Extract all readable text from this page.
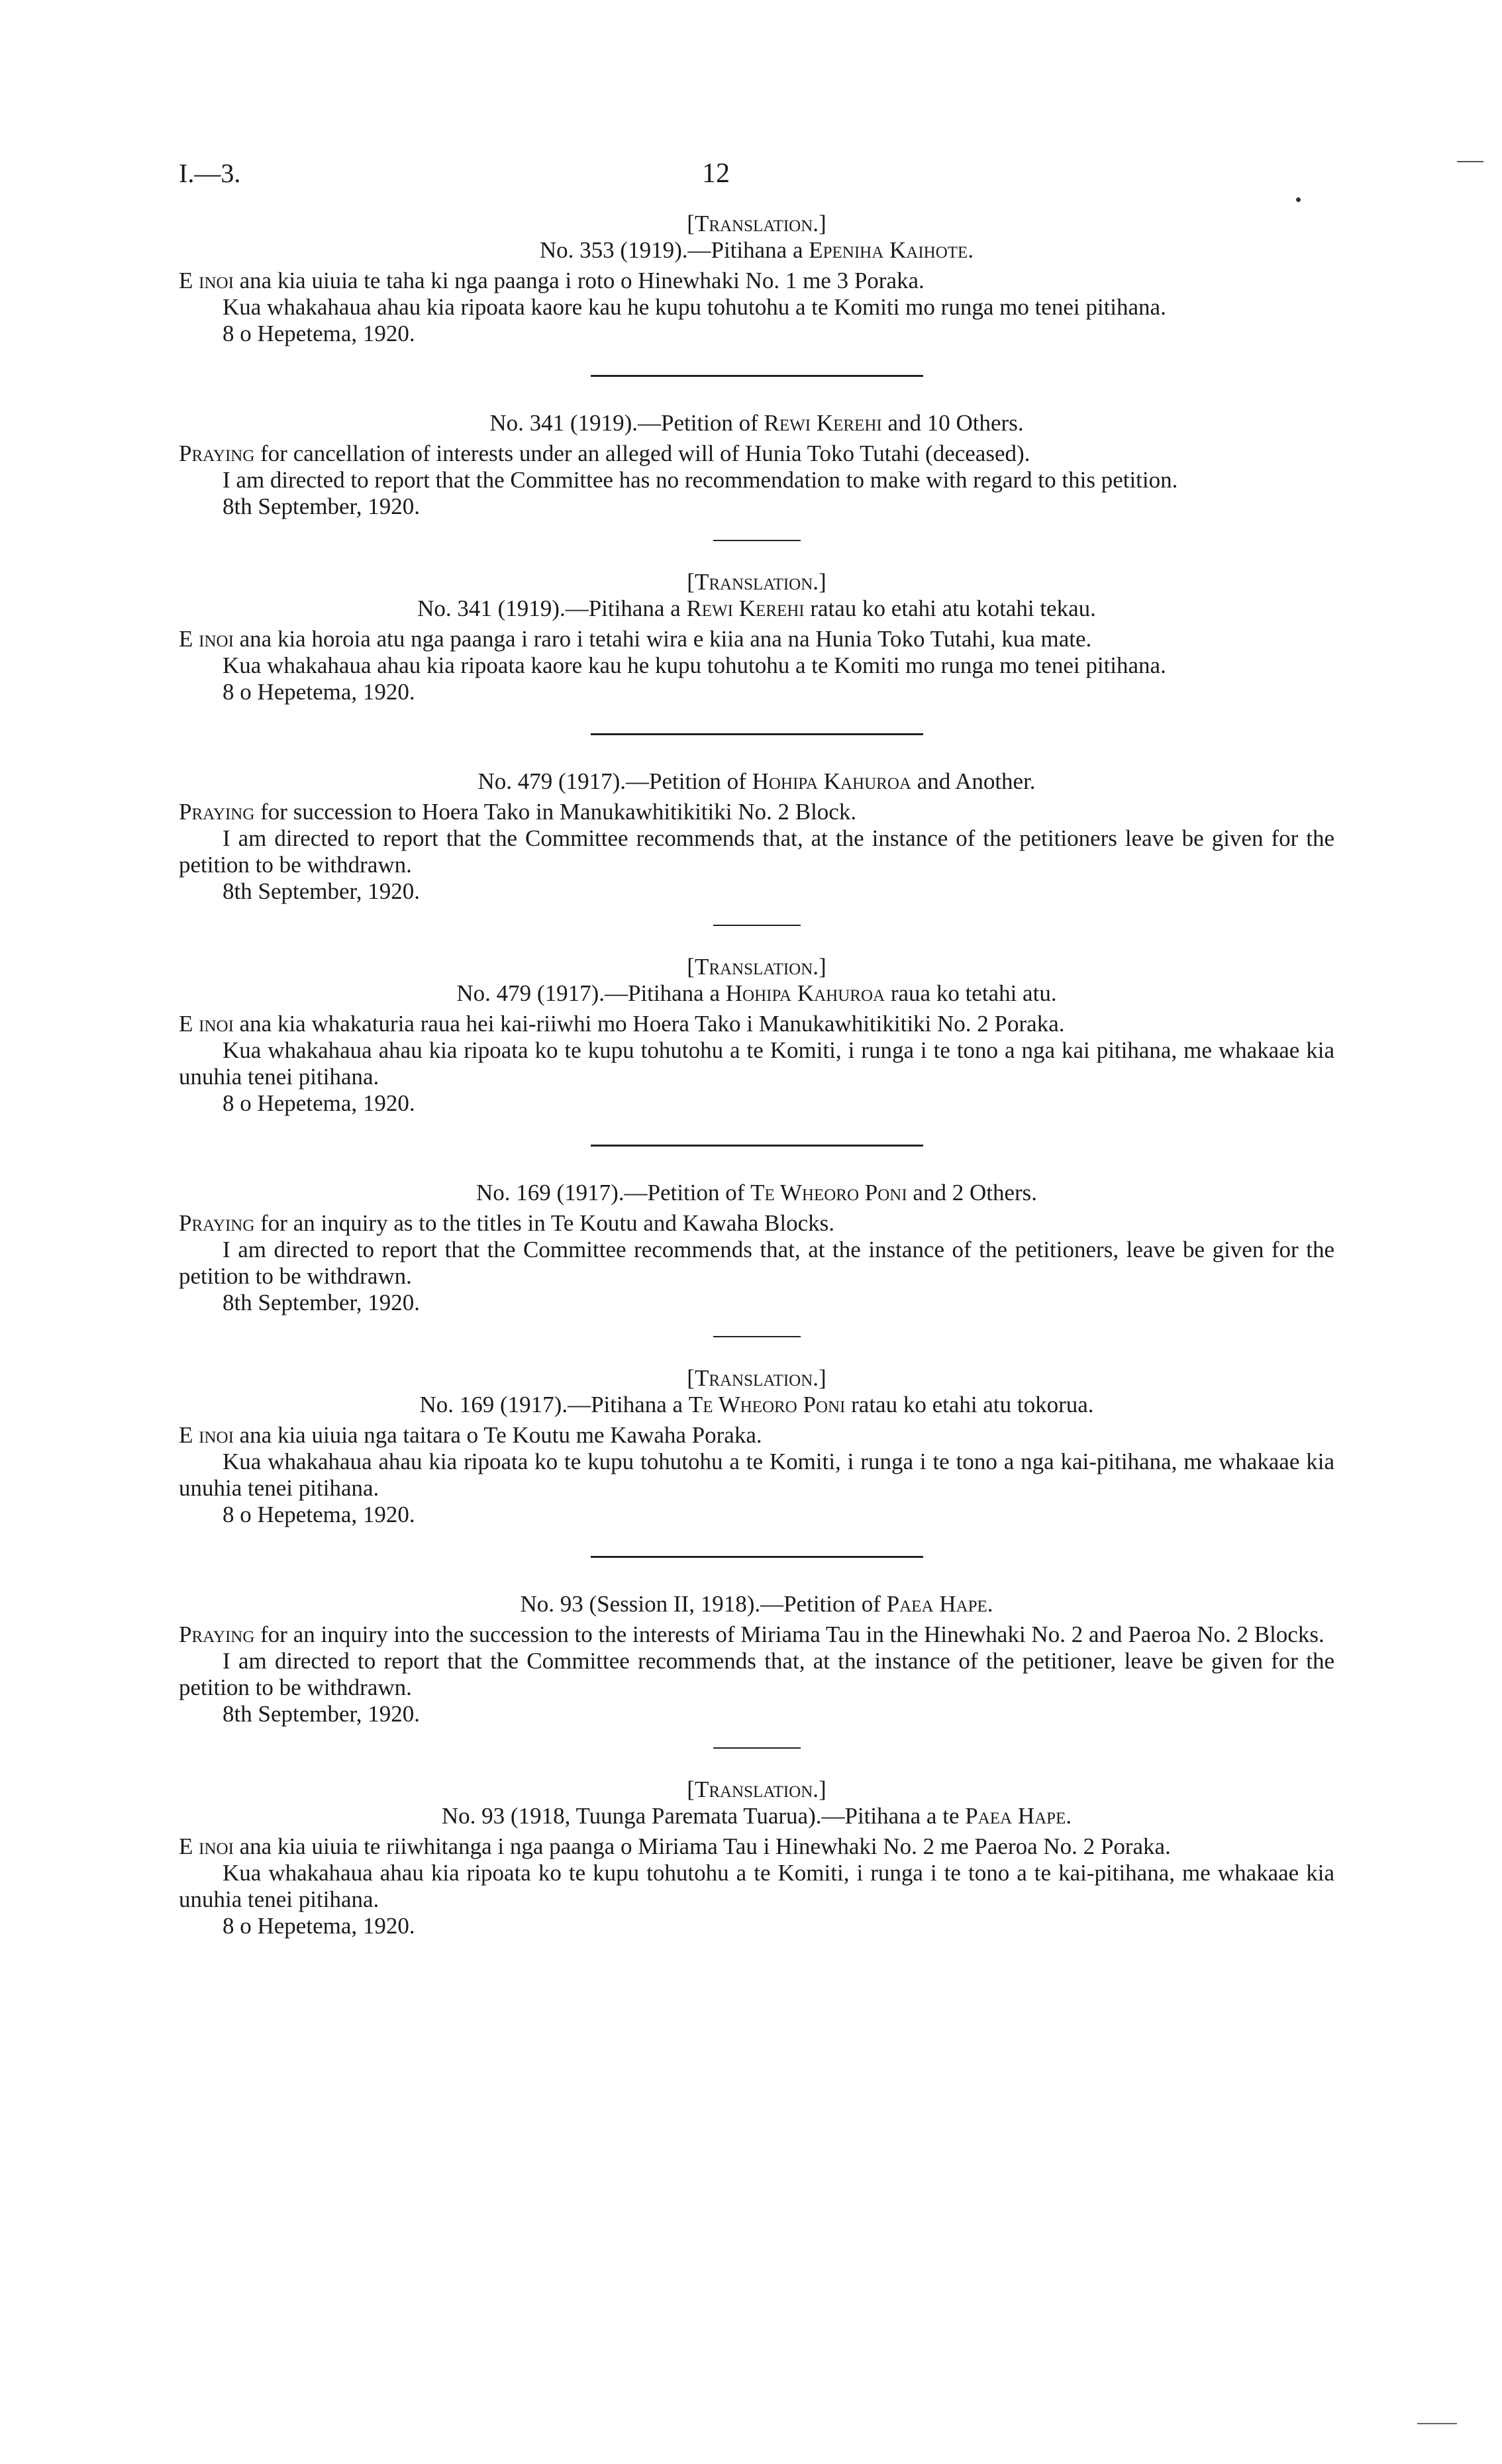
I.—3.	12

[Translation.]

No. 353 (1919).—Pitihana a Epeniha Kaihote.

E inoi ana kia uiuia te taha ki nga paanga i roto o Hinewhaki No. 1 me 3 Poraka.

Kua whakahaua ahau kia ripoata kaore kau he kupu tohutohu a te Komiti mo runga mo tenei pitihana.

8 o Hepetema, 1920.

No. 341 (1919).—Petition of Rewi Kerehi and 10 Others.

Praying for cancellation of interests under an alleged will of Hunia Toko Tutahi (deceased).

I am directed to report that the Committee has no recommendation to make with regard to this petition.

8th September, 1920.

[Translation.]

No. 341 (1919).—Pitihana a Rewi Kerehi ratau ko etahi atu kotahi tekau.

E inoi ana kia horoia atu nga paanga i raro i tetahi wira e kiia ana na Hunia Toko Tutahi, kua mate.

Kua whakahaua ahau kia ripoata kaore kau he kupu tohutohu a te Komiti mo runga mo tenei pitihana.

8 o Hepetema, 1920.

No. 479 (1917).—Petition of Hohipa Kahuroa and Another.

Praying for succession to Hoera Tako in Manukawhitikitiki No. 2 Block.

I am directed to report that the Committee recommends that, at the instance of the petitioners leave be given for the petition to be withdrawn.

8th September, 1920.

[Translation.]

No. 479 (1917).—Pitihana a Hohipa Kahuroa raua ko tetahi atu.

E inoi ana kia whakaturia raua hei kai-riiwhi mo Hoera Tako i Manukawhitikitiki No. 2 Poraka.

Kua whakahaua ahau kia ripoata ko te kupu tohutohu a te Komiti, i runga i te tono a nga kai pitihana, me whakaae kia unuhia tenei pitihana.

8 o Hepetema, 1920.

No. 169 (1917).—Petition of Te Wheoro Poni and 2 Others.

Praying for an inquiry as to the titles in Te Koutu and Kawaha Blocks.

I am directed to report that the Committee recommends that, at the instance of the petitioners, leave be given for the petition to be withdrawn.

8th September, 1920.

[Translation.]

No. 169 (1917).—Pitihana a Te Wheoro Poni ratau ko etahi atu tokorua.

E inoi ana kia uiuia nga taitara o Te Koutu me Kawaha Poraka.

Kua whakahaua ahau kia ripoata ko te kupu tohutohu a te Komiti, i runga i te tono a nga kai-pitihana, me whakaae kia unuhia tenei pitihana.

8 o Hepetema, 1920.

No. 93 (Session II, 1918).—Petition of Paea Hape.

Praying for an inquiry into the succession to the interests of Miriama Tau in the Hinewhaki No. 2 and Paeroa No. 2 Blocks.

I am directed to report that the Committee recommends that, at the instance of the petitioner, leave be given for the petition to be withdrawn.

8th September, 1920.

[Translation.]

No. 93 (1918, Tuunga Paremata Tuarua).—Pitihana a te Paea Hape.

E inoi ana kia uiuia te riiwhitanga i nga paanga o Miriama Tau i Hinewhaki No. 2 me Paeroa No. 2 Poraka.

Kua whakahaua ahau kia ripoata ko te kupu tohutohu a te Komiti, i runga i te tono a te kai-pitihana, me whakaae kia unuhia tenei pitihana.

8 o Hepetema, 1920.
